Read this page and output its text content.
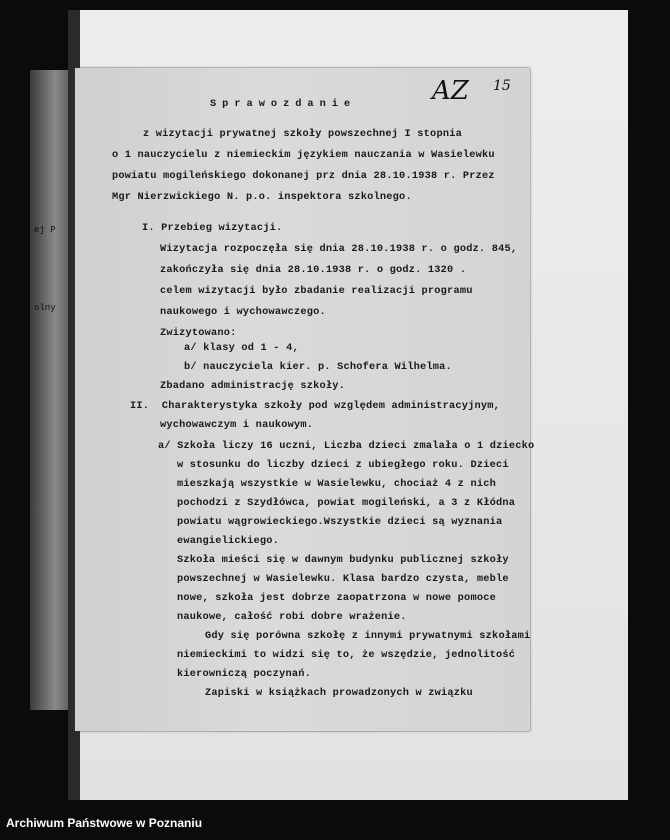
ej P
olny
AZ 15
Sprawozdanie
z wizytacji prywatnej szkoły powszechnej I stopnia
o 1 nauczycielu z niemieckim językiem nauczania w Wasielewku
powiatu mogileńskiego dokonanej prz dnia 28.10.1938 r. Przez
Mgr Nierzwickiego N. p.o. inspektora szkolnego.
I. Przebieg wizytacji.
Wizytacja rozpoczęła się dnia 28.10.1938 r. o godz. 845,
zakończyła się dnia 28.10.1938 r. o godz. 1320 .
celem wizytacji było zbadanie realizacji programu
naukowego i wychowawczego.
Zwizytowano:
a/ klasy od 1 - 4,
b/ nauczyciela kier. p. Schofera Wilhelma.
Zbadano administrację szkoły.
II.  Charakterystyka szkoły pod względem administracyjnym,
wychowawczym i naukowym.
a/ Szkoła liczy 16 uczni, Liczba dzieci zmalała o 1 dziecko
w stosunku do liczby dzieci z ubiegłego roku. Dzieci
mieszkają wszystkie w Wasielewku, chociaż 4 z nich
pochodzi z Szydłówca, powiat mogileński, a 3 z Kłódna
powiatu wągrowieckiego.Wszystkie dzieci są wyznania
ewangielickiego.
Szkoła mieści się w dawnym budynku publicznej szkoły
powszechnej w Wasielewku. Klasa bardzo czysta, meble
nowe, szkoła jest dobrze zaopatrzona w nowe pomoce
naukowe, całość robi dobre wrażenie.
Gdy się porówna szkołę z innymi prywatnymi szkołami
niemieckimi to widzi się to, że wszędzie, jednolitość
kierowniczą poczynań.
Zapiski w książkach prowadzonych w związku
Archiwum Państwowe w Poznaniu
